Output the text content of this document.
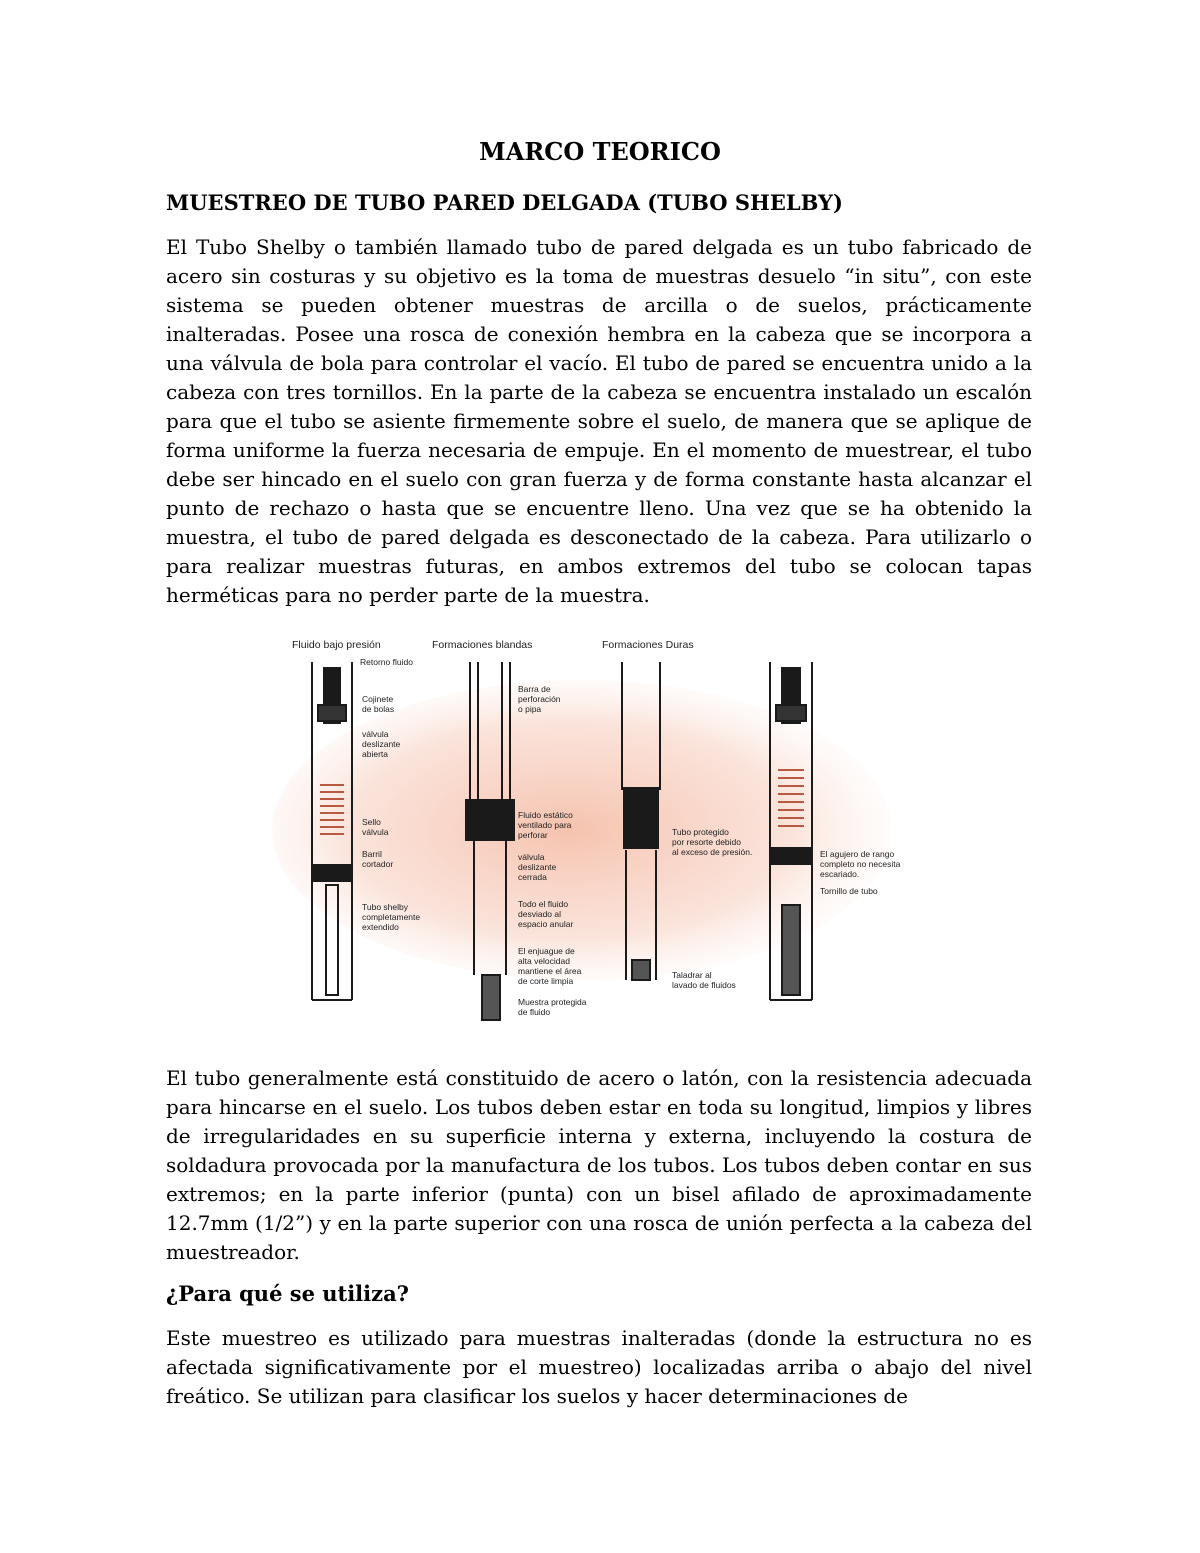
MARCO TEORICO
MUESTREO DE TUBO PARED DELGADA (TUBO SHELBY)

El Tubo Shelby o también llamado tubo de pared delgada es un tubo fabricado de acero sin costuras y su objetivo es la toma de muestras desuelo “in situ”, con este sistema se pueden obtener muestras de arcilla o de suelos, prácticamente inalteradas. Posee una rosca de conexión hembra en la cabeza que se incorpora a una válvula de bola para controlar el vacío. El tubo de pared se encuentra unido a la cabeza con tres tornillos. En la parte de la cabeza se encuentra instalado un escalón para que el tubo se asiente firmemente sobre el suelo, de manera que se aplique de forma uniforme la fuerza necesaria de empuje. En el momento de muestrear, el tubo debe ser hincado en el suelo con gran fuerza y de forma constante hasta alcanzar el punto de rechazo o hasta que se encuentre lleno. Una vez que se ha obtenido la muestra, el tubo de pared delgada es desconectado de la cabeza. Para utilizarlo o para realizar muestras futuras, en ambos extremos del tubo se colocan tapas herméticas para no perder parte de la muestra.

Fluido bajo presión	Formaciones blandas	Formaciones Duras
Retorno fluido
Cojinete
de bolas
válvula
deslizante
abierta
Sello
válvula
Barril
cortador
Tubo shelby
completamente
extendido
Barra de
perforación
o pipa
Fluido estático
ventilado para
perforar
válvula
deslizante
cerrada
Todo el fluido
desviado al
espacio anular
El enjuague de
alta velocidad
mantiene el área
de corte limpia
Muestra protegida
de fluido
Tubo protegido
por resorte debido
al exceso de presión.
Taladrar al
lavado de fluidos
El agujero de rango
completo no necesita
escariado.
Tornillo de tubo

El tubo generalmente está constituido de acero o latón, con la resistencia adecuada para hincarse en el suelo. Los tubos deben estar en toda su longitud, limpios y libres de irregularidades en su superficie interna y externa, incluyendo la costura de soldadura provocada por la manufactura de los tubos. Los tubos deben contar en sus extremos; en la parte inferior (punta) con un bisel afilado de aproximadamente 12.7mm (1/2”) y en la parte superior con una rosca de unión perfecta a la cabeza del muestreador.

¿Para qué se utiliza?

Este muestreo es utilizado para muestras inalteradas (donde la estructura no es afectada significativamente por el muestreo) localizadas arriba o abajo del nivel freático. Se utilizan para clasificar los suelos y hacer determinaciones de
